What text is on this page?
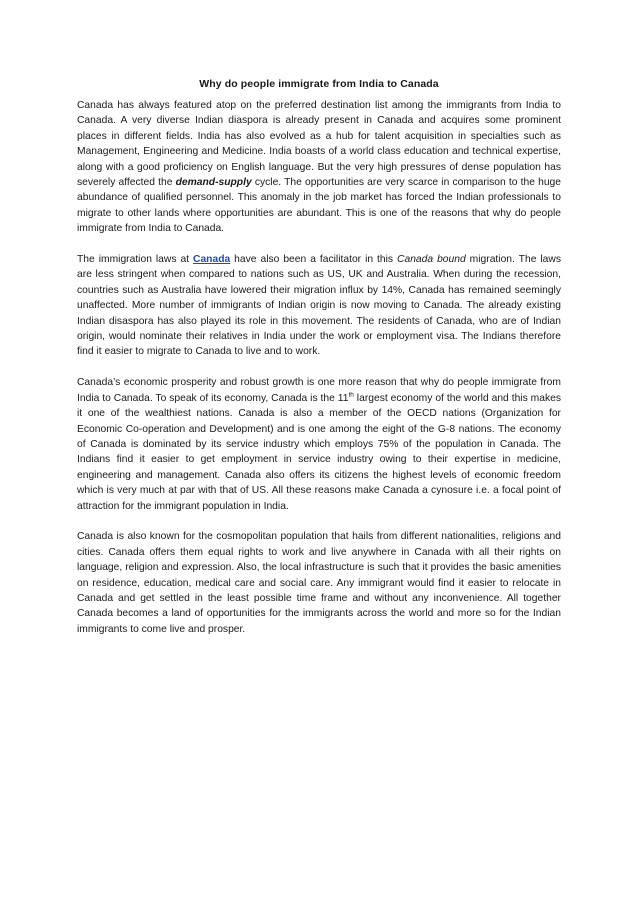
Why do people immigrate from India to Canada

Canada has always featured atop on the preferred destination list among the immigrants from India to Canada. A very diverse Indian diaspora is already present in Canada and acquires some prominent places in different fields. India has also evolved as a hub for talent acquisition in specialties such as Management, Engineering and Medicine. India boasts of a world class education and technical expertise, along with a good proficiency on English language. But the very high pressures of dense population has severely affected the demand-supply cycle. The opportunities are very scarce in comparison to the huge abundance of qualified personnel. This anomaly in the job market has forced the Indian professionals to migrate to other lands where opportunities are abundant. This is one of the reasons that why do people immigrate from India to Canada.

The immigration laws at Canada have also been a facilitator in this Canada bound migration. The laws are less stringent when compared to nations such as US, UK and Australia. When during the recession, countries such as Australia have lowered their migration influx by 14%, Canada has remained seemingly unaffected. More number of immigrants of Indian origin is now moving to Canada. The already existing Indian disaspora has also played its role in this movement. The residents of Canada, who are of Indian origin, would nominate their relatives in India under the work or employment visa. The Indians therefore find it easier to migrate to Canada to live and to work.

Canada’s economic prosperity and robust growth is one more reason that why do people immigrate from India to Canada. To speak of its economy, Canada is the 11th largest economy of the world and this makes it one of the wealthiest nations. Canada is also a member of the OECD nations (Organization for Economic Co-operation and Development) and is one among the eight of the G-8 nations. The economy of Canada is dominated by its service industry which employs 75% of the population in Canada. The Indians find it easier to get employment in service industry owing to their expertise in medicine, engineering and management. Canada also offers its citizens the highest levels of economic freedom which is very much at par with that of US. All these reasons make Canada a cynosure i.e. a focal point of attraction for the immigrant population in India.

Canada is also known for the cosmopolitan population that hails from different nationalities, religions and cities. Canada offers them equal rights to work and live anywhere in Canada with all their rights on language, religion and expression. Also, the local infrastructure is such that it provides the basic amenities on residence, education, medical care and social care. Any immigrant would find it easier to relocate in Canada and get settled in the least possible time frame and without any inconvenience. All together Canada becomes a land of opportunities for the immigrants across the world and more so for the Indian immigrants to come live and prosper.
